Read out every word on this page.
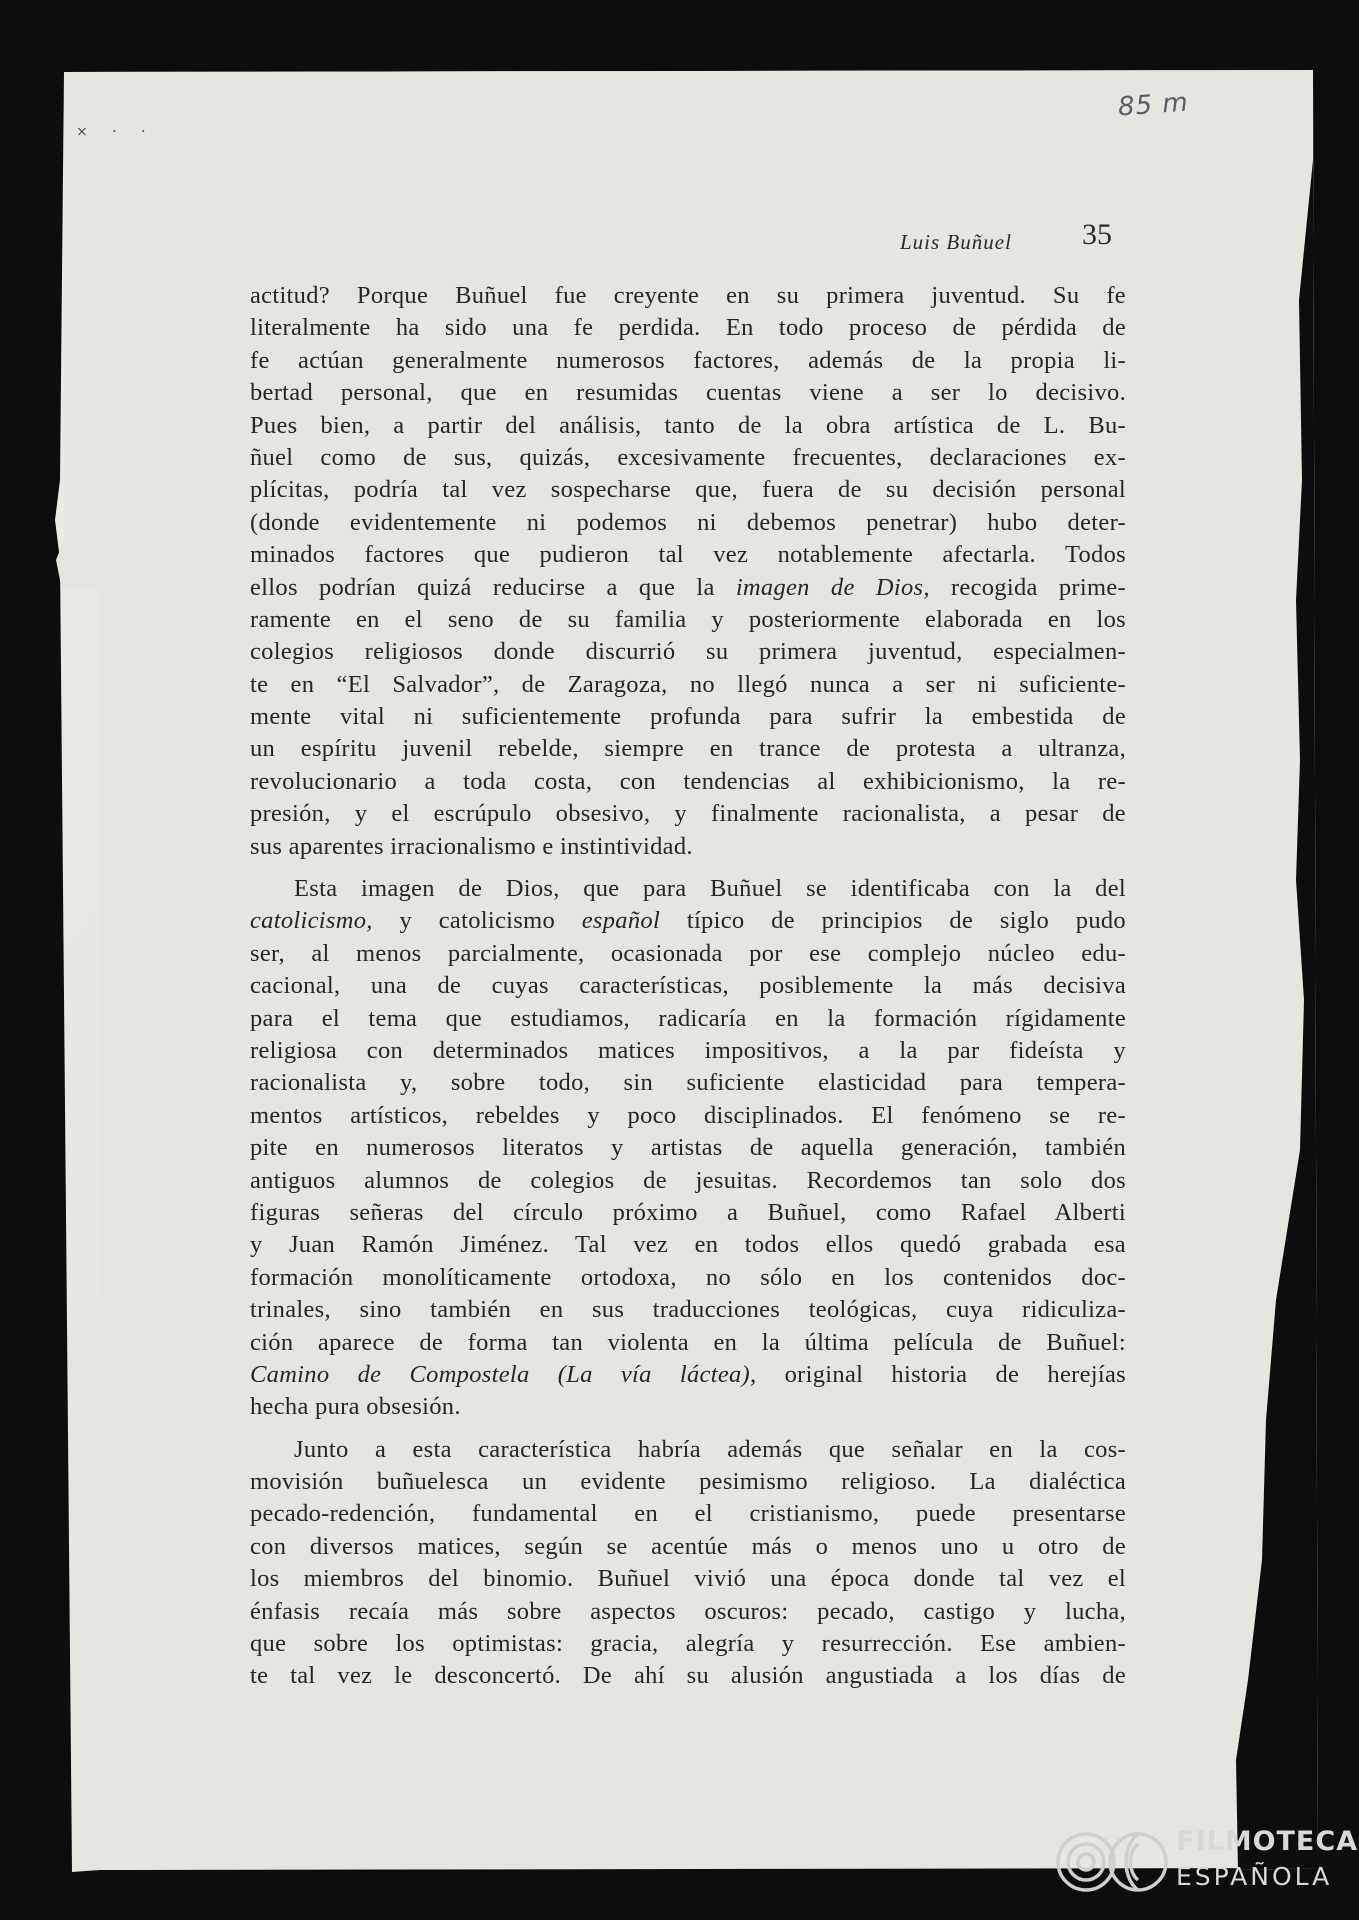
× · ·
85 m
Luis Buñuel 35
actitud? Porque Buñuel fue creyente en su primera juventud. Su fe
literalmente ha sido una fe perdida. En todo proceso de pérdida de
fe actúan generalmente numerosos factores, además de la propia li-
bertad personal, que en resumidas cuentas viene a ser lo decisivo.
Pues bien, a partir del análisis, tanto de la obra artística de L. Bu-
ñuel como de sus, quizás, excesivamente frecuentes, declaraciones ex-
plícitas, podría tal vez sospecharse que, fuera de su decisión personal
(donde evidentemente ni podemos ni debemos penetrar) hubo deter-
minados factores que pudieron tal vez notablemente afectarla. Todos
ellos podrían quizá reducirse a que la imagen de Dios, recogida prime-
ramente en el seno de su familia y posteriormente elaborada en los
colegios religiosos donde discurrió su primera juventud, especialmen-
te en “El Salvador”, de Zaragoza, no llegó nunca a ser ni suficiente-
mente vital ni suficientemente profunda para sufrir la embestida de
un espíritu juvenil rebelde, siempre en trance de protesta a ultranza,
revolucionario a toda costa, con tendencias al exhibicionismo, la re-
presión, y el escrúpulo obsesivo, y finalmente racionalista, a pesar de
sus aparentes irracionalismo e instintividad.
Esta imagen de Dios, que para Buñuel se identificaba con la del
catolicismo, y catolicismo español típico de principios de siglo pudo
ser, al menos parcialmente, ocasionada por ese complejo núcleo edu-
cacional, una de cuyas características, posiblemente la más decisiva
para el tema que estudiamos, radicaría en la formación rígidamente
religiosa con determinados matices impositivos, a la par fideísta y
racionalista y, sobre todo, sin suficiente elasticidad para tempera-
mentos artísticos, rebeldes y poco disciplinados. El fenómeno se re-
pite en numerosos literatos y artistas de aquella generación, también
antiguos alumnos de colegios de jesuitas. Recordemos tan solo dos
figuras señeras del círculo próximo a Buñuel, como Rafael Alberti
y Juan Ramón Jiménez. Tal vez en todos ellos quedó grabada esa
formación monolíticamente ortodoxa, no sólo en los contenidos doc-
trinales, sino también en sus traducciones teológicas, cuya ridiculiza-
ción aparece de forma tan violenta en la última película de Buñuel:
Camino de Compostela (La vía láctea), original historia de herejías
hecha pura obsesión.
Junto a esta característica habría además que señalar en la cos-
movisión buñuelesca un evidente pesimismo religioso. La dialéctica
pecado-redención, fundamental en el cristianismo, puede presentarse
con diversos matices, según se acentúe más o menos uno u otro de
los miembros del binomio. Buñuel vivió una época donde tal vez el
énfasis recaía más sobre aspectos oscuros: pecado, castigo y lucha,
que sobre los optimistas: gracia, alegría y resurrección. Ese ambien-
te tal vez le desconcertó. De ahí su alusión angustiada a los días de
FILMOTECA
ESPAÑOLA
